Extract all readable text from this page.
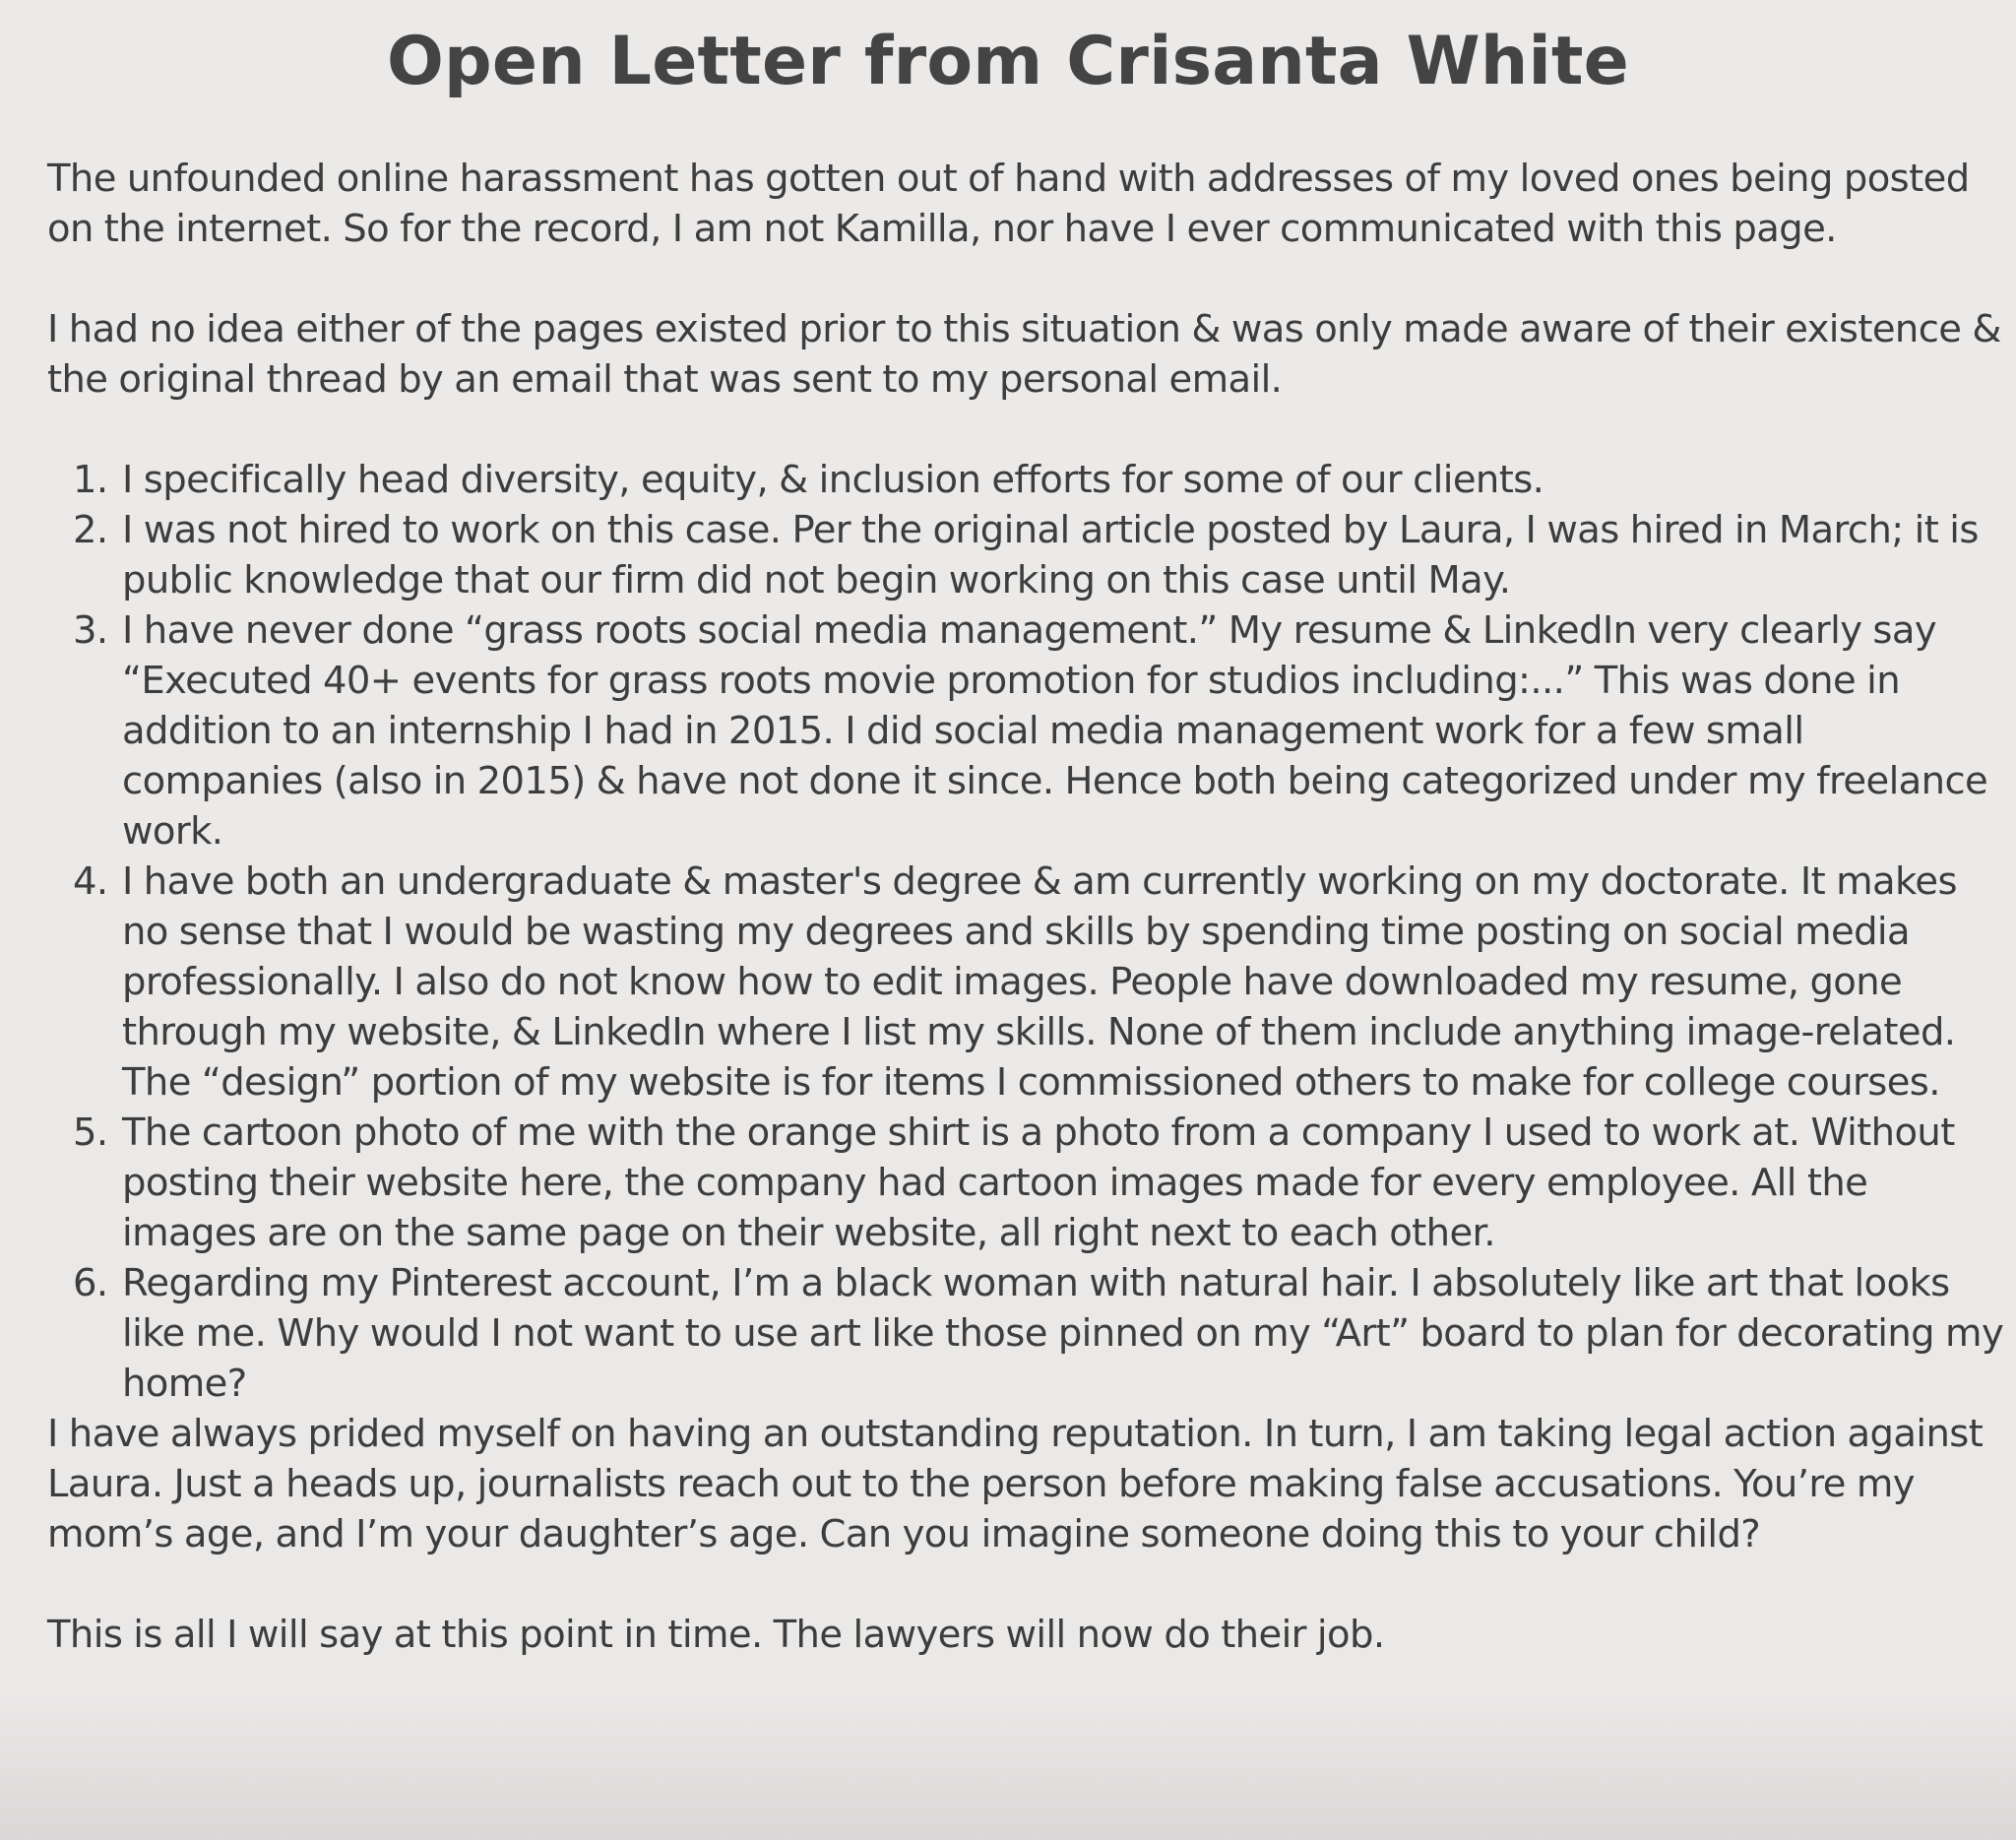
Open Letter from Crisanta White

The unfounded online harassment has gotten out of hand with addresses of my loved ones being posted on the internet. So for the record, I am not Kamilla, nor have I ever communicated with this page.

I had no idea either of the pages existed prior to this situation & was only made aware of their existence & the original thread by an email that was sent to my personal email.

1. I specifically head diversity, equity, & inclusion efforts for some of our clients.
2. I was not hired to work on this case. Per the original article posted by Laura, I was hired in March; it is public knowledge that our firm did not begin working on this case until May.
3. I have never done “grass roots social media management.” My resume & LinkedIn very clearly say “Executed 40+ events for grass roots movie promotion for studios including:...” This was done in addition to an internship I had in 2015. I did social media management work for a few small companies (also in 2015) & have not done it since. Hence both being categorized under my freelance work.
4. I have both an undergraduate & master's degree & am currently working on my doctorate. It makes no sense that I would be wasting my degrees and skills by spending time posting on social media professionally. I also do not know how to edit images. People have downloaded my resume, gone through my website, & LinkedIn where I list my skills. None of them include anything image-related. The “design” portion of my website is for items I commissioned others to make for college courses.
5. The cartoon photo of me with the orange shirt is a photo from a company I used to work at. Without posting their website here, the company had cartoon images made for every employee. All the images are on the same page on their website, all right next to each other.
6. Regarding my Pinterest account, I’m a black woman with natural hair. I absolutely like art that looks like me. Why would I not want to use art like those pinned on my “Art” board to plan for decorating my home?

I have always prided myself on having an outstanding reputation. In turn, I am taking legal action against Laura. Just a heads up, journalists reach out to the person before making false accusations. You’re my mom’s age, and I’m your daughter’s age. Can you imagine someone doing this to your child?

This is all I will say at this point in time. The lawyers will now do their job.
